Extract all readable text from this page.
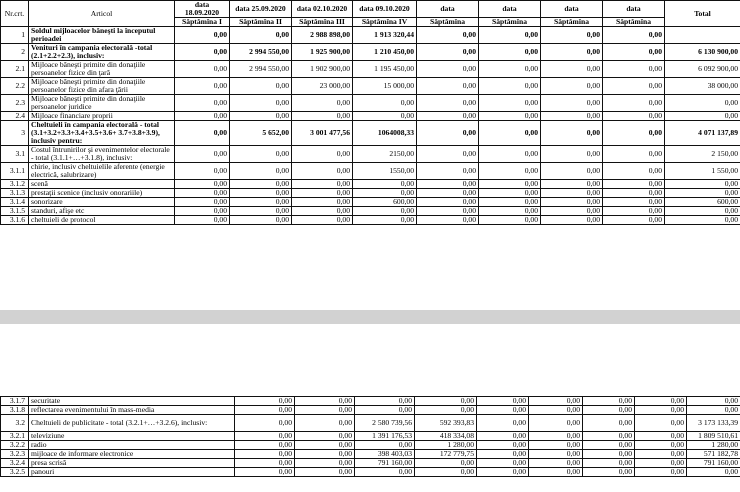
Nr.crt.	Articol	data 18.09.2020	data 25.09.2020	data 02.10.2020	data 09.10.2020	data	data	data	data	Total
		Săptămîna I	Săptămîna II	Săptămîna III	Săptămîna IV	Săptămîna	Săptămîna	Săptămîna	Săptămîna	
1	Soldul mijloacelor băneşti la începutul perioadei	0,00	0,00	2 988 898,00	1 913 320,44	0,00	0,00	0,00	0,00	
2	Venituri în campania electorală -total (2.1+2.2+2.3), inclusiv:	0,00	2 994 550,00	1 925 900,00	1 210 450,00	0,00	0,00	0,00	0,00	6 130 900,00
2.1	Mijloace băneşti primite din donaţiile persoanelor fizice din ţară	0,00	2 994 550,00	1 902 900,00	1 195 450,00	0,00	0,00	0,00	0,00	6 092 900,00
2.2	Mijloace băneşti primite din donaţiile persoanelor fizice din afara ţării	0,00	0,00	23 000,00	15 000,00	0,00	0,00	0,00	0,00	38 000,00
2.3	Mijloace băneşti primite din donaţiile persoanelor juridice	0,00	0,00	0,00	0,00	0,00	0,00	0,00	0,00	0,00
2.4	Mijloace financiare proprii	0,00	0,00	0,00	0,00	0,00	0,00	0,00	0,00	0,00
3	Cheltuieli în campania electorală - total (3.1+3.2+3.3+3.4+3.5+3.6+ 3.7+3.8+3.9), inclusiv pentru:	0,00	5 652,00	3 001 477,56	1064008,33	0,00	0,00	0,00	0,00	4 071 137,89
3.1	Costul întrunirilor şi evenimentelor electorale - total (3.1.1+…+3.1.8), inclusiv:	0,00	0,00	0,00	2150,00	0,00	0,00	0,00	0,00	2 150,00
3.1.1	chirie, inclusiv cheltuielile aferente (energie electrică, salubrizare)	0,00	0,00	0,00	1550,00	0,00	0,00	0,00	0,00	1 550,00
3.1.2	scenă	0,00	0,00	0,00	0,00	0,00	0,00	0,00	0,00	0,00
3.1.3	prestaţii scenice (inclusiv onorariile)	0,00	0,00	0,00	0,00	0,00	0,00	0,00	0,00	0,00
3.1.4	sonorizare	0,00	0,00	0,00	600,00	0,00	0,00	0,00	0,00	600,00
3.1.5	standuri, afişe etc	0,00	0,00	0,00	0,00	0,00	0,00	0,00	0,00	0,00
3.1.6	cheltuieli de protocol	0,00	0,00	0,00	0,00	0,00	0,00	0,00	0,00	0,00
3.1.7	securitate	0,00	0,00	0,00	0,00	0,00	0,00	0,00	0,00	0,00
3.1.8	reflectarea evenimentului în mass-media	0,00	0,00	0,00	0,00	0,00	0,00	0,00	0,00	0,00
3.2	Cheltuieli de publicitate - total (3.2.1+…+3.2.6), inclusiv:	0,00	0,00	2 580 739,56	592 393,83	0,00	0,00	0,00	0,00	3 173 133,39
3.2.1	televiziune	0,00	0,00	1 391 176,53	418 334,08	0,00	0,00	0,00	0,00	1 809 510,61
3.2.2	radio	0,00	0,00	0,00	1 280,00	0,00	0,00	0,00	0,00	1 280,00
3.2.3	mijloace de informare electronice	0,00	0,00	398 403,03	172 779,75	0,00	0,00	0,00	0,00	571 182,78
3.2.4	presa scrisă	0,00	0,00	791 160,00	0,00	0,00	0,00	0,00	0,00	791 160,00
3.2.5	panouri	0,00	0,00	0,00	0,00	0,00	0,00	0,00	0,00	0,00
